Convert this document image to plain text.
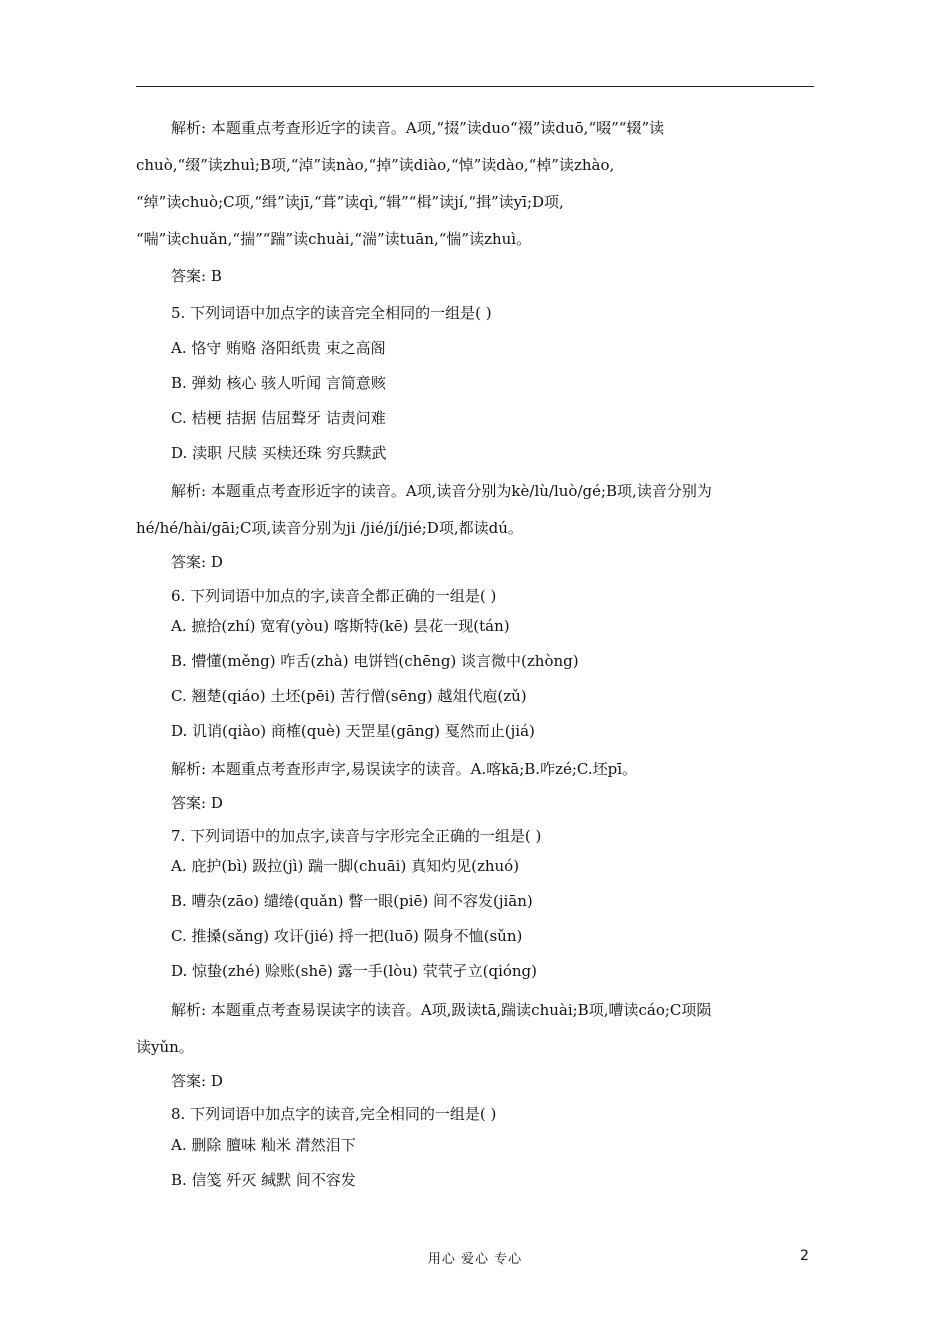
解析: 本题重点考查形近字的读音。A项,“掇”读duo“裰”读duō,“啜”“辍”读
chuò,“缀”读zhuì;B项,“淖”读nào,“掉”读diào,“悼”读dào,“棹”读zhào,
“绰”读chuò;C项,“缉”读jī,“葺”读qì,“辑”“楫”读jí,“揖”读yī;D项,
“喘”读chuǎn,“揣”“踹”读chuài,“湍”读tuān,“惴”读zhuì。
答案: B
5. 下列词语中加点字的读音完全相同的一组是( )
A. 恪守 贿赂 洛阳纸贵 束之高阁
B. 弹劾 核心 骇人听闻 言简意赅
C. 桔梗 拮据 佶屈聱牙 诘责问难
D. 渎职 尺牍 买椟还珠 穷兵黩武
解析: 本题重点考查形近字的读音。A项,读音分别为kè/lù/luò/gé;B项,读音分别为
hé/hé/hài/gāi;C项,读音分别为ji /jié/jí/jié;D项,都读dú。
答案: D
6. 下列词语中加点的字,读音全都正确的一组是( )
A. 摭拾(zhí) 宽宥(yòu) 喀斯特(kē) 昙花一现(tán)
B. 懵懂(měng) 咋舌(zhà) 电饼铛(chēng) 谈言微中(zhòng)
C. 翘楚(qiáo) 土坯(pēi) 苦行僧(sēng) 越俎代庖(zǔ)
D. 讥诮(qiào) 商榷(què) 天罡星(gāng) 戛然而止(jiá)
解析: 本题重点考查形声字,易误读字的读音。A.喀kā;B.咋zé;C.坯pī。
答案: D
7. 下列词语中的加点字,读音与字形完全正确的一组是( )
A. 庇护(bì) 趿拉(jì) 踹一脚(chuāi) 真知灼见(zhuó)
B. 嘈杂(zāo) 缱绻(quǎn) 瞥一眼(piē) 间不容发(jiān)
C. 推搡(sǎng) 攻讦(jié) 捋一把(luō) 陨身不恤(sǔn)
D. 惊蛰(zhé) 赊账(shē) 露一手(lòu) 茕茕孑立(qióng)
解析: 本题重点考查易误读字的读音。A项,趿读tā,踹读chuài;B项,嘈读cáo;C项陨
读yǔn。
答案: D
8. 下列词语中加点字的读音,完全相同的一组是( )
A. 删除 膻味 籼米 潸然泪下
B. 信笺 歼灭 缄默 间不容发
用心 爱心 专心	2
